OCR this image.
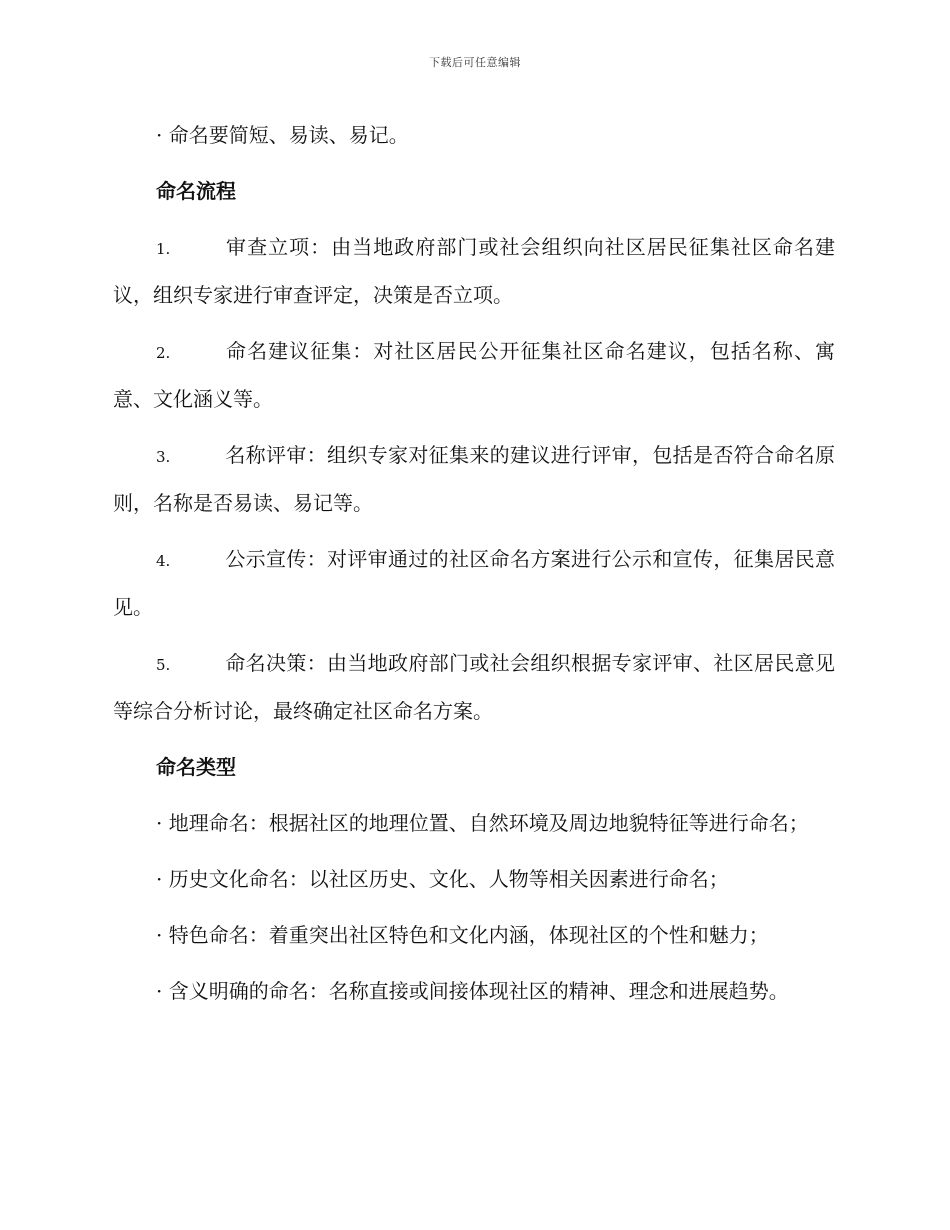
下载后可任意编辑

· 命名要简短、易读、易记。

命名流程

1.	审查立项：由当地政府部门或社会组织向社区居民征集社区命名建议，组织专家进行审查评定，决策是否立项。

2.	命名建议征集：对社区居民公开征集社区命名建议，包括名称、寓意、文化涵义等。

3.	名称评审：组织专家对征集来的建议进行评审，包括是否符合命名原则，名称是否易读、易记等。

4.	公示宣传：对评审通过的社区命名方案进行公示和宣传，征集居民意见。

5.	命名决策：由当地政府部门或社会组织根据专家评审、社区居民意见等综合分析讨论，最终确定社区命名方案。

命名类型

· 地理命名：根据社区的地理位置、自然环境及周边地貌特征等进行命名；

· 历史文化命名：以社区历史、文化、人物等相关因素进行命名；

· 特色命名：着重突出社区特色和文化内涵，体现社区的个性和魅力；

· 含义明确的命名：名称直接或间接体现社区的精神、理念和进展趋势。
